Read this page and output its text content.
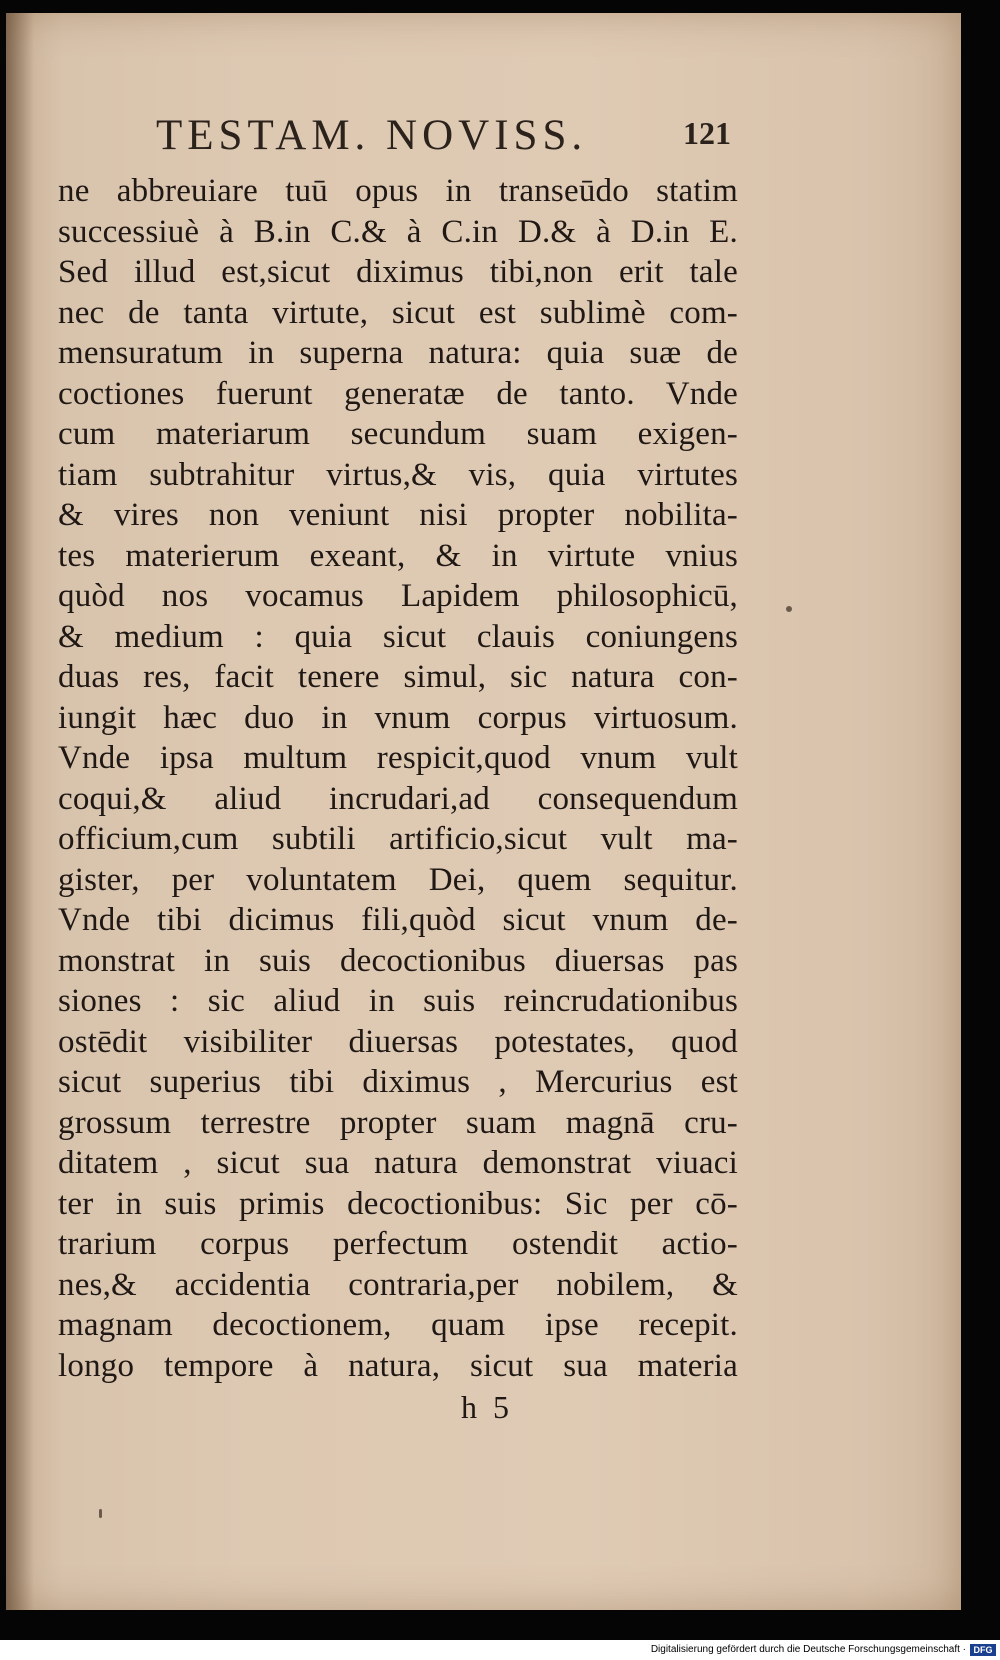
TESTAM. NOVISS.	121
ne abbreuiare tuū opus in transeūdo statim
successiuè à B.in C.& à C.in D.& à D.in E.
Sed illud est,sicut diximus tibi,non erit tale
nec de tanta virtute, sicut est sublimè com-
mensuratum in superna natura: quia suæ de
coctiones fuerunt generatæ de tanto. Vnde
cum materiarum secundum suam exigen-
tiam subtrahitur virtus,& vis, quia virtutes
& vires non veniunt nisi propter nobilita-
tes materierum exeant, & in virtute vnius
quòd nos vocamus Lapidem philosophicū,
& medium : quia sicut clauis coniungens
duas res, facit tenere simul, sic natura con-
iungit hæc duo in vnum corpus virtuosum.
Vnde ipsa multum respicit,quod vnum vult
coqui,& aliud incrudari,ad consequendum
officium,cum subtili artificio,sicut vult ma-
gister, per voluntatem Dei, quem sequitur.
Vnde tibi dicimus fili,quòd sicut vnum de-
monstrat in suis decoctionibus diuersas pas
siones : sic aliud in suis reincrudationibus
ostēdit visibiliter diuersas potestates, quod
sicut superius tibi diximus , Mercurius est
grossum terrestre propter suam magnā cru-
ditatem , sicut sua natura demonstrat viuaci
ter in suis primis decoctionibus: Sic per cō-
trarium corpus perfectum ostendit actio-
nes,& accidentia contraria,per nobilem, &
magnam decoctionem, quam ipse recepit.
longo tempore à natura, sicut sua materia
h  5
Digitalisierung gefördert durch die Deutsche Forschungsgemeinschaft · DFG
